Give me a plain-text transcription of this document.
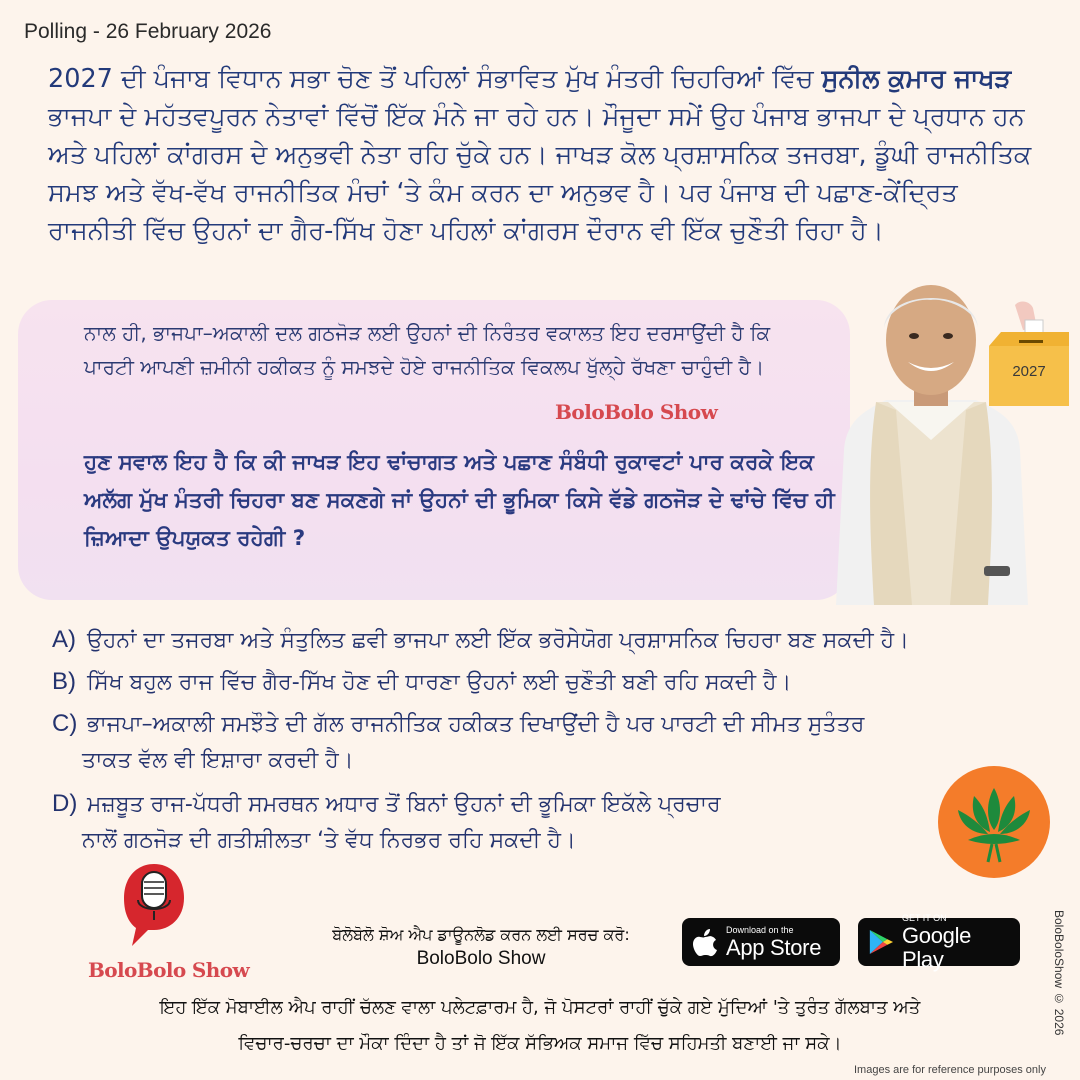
Polling - 26 February 2026
2027 ਦੀ ਪੰਜਾਬ ਵਿਧਾਨ ਸਭਾ ਚੋਣ ਤੋਂ ਪਹਿਲਾਂ ਸੰਭਾਵਿਤ ਮੁੱਖ ਮੰਤਰੀ ਚਿਹਰਿਆਂ ਵਿੱਚ ਸੁਨੀਲ ਕੁਮਾਰ ਜਾਖੜ ਭਾਜਪਾ ਦੇ ਮਹੱਤਵਪੂਰਨ ਨੇਤਾਵਾਂ ਵਿੱਚੋਂ ਇੱਕ ਮੰਨੇ ਜਾ ਰਹੇ ਹਨ। ਮੌਜੂਦਾ ਸਮੇਂ ਉਹ ਪੰਜਾਬ ਭਾਜਪਾ ਦੇ ਪ੍ਰਧਾਨ ਹਨ ਅਤੇ ਪਹਿਲਾਂ ਕਾਂਗਰਸ ਦੇ ਅਨੁਭਵੀ ਨੇਤਾ ਰਹਿ ਚੁੱਕੇ ਹਨ। ਜਾਖੜ ਕੋਲ ਪ੍ਰਸ਼ਾਸਨਿਕ ਤਜਰਬਾ, ਡੂੰਘੀ ਰਾਜਨੀਤਿਕ ਸਮਝ ਅਤੇ ਵੱਖ-ਵੱਖ ਰਾਜਨੀਤਿਕ ਮੰਚਾਂ ‘ਤੇ ਕੰਮ ਕਰਨ ਦਾ ਅਨੁਭਵ ਹੈ। ਪਰ ਪੰਜਾਬ ਦੀ ਪਛਾਣ-ਕੇਂਦ੍ਰਿਤ ਰਾਜਨੀਤੀ ਵਿੱਚ ਉਹਨਾਂ ਦਾ ਗੈਰ-ਸਿੱਖ ਹੋਣਾ ਪਹਿਲਾਂ ਕਾਂਗਰਸ ਦੌਰਾਨ ਵੀ ਇੱਕ ਚੁਣੌਤੀ ਰਿਹਾ ਹੈ।
ਨਾਲ ਹੀ, ਭਾਜਪਾ–ਅਕਾਲੀ ਦਲ ਗਠਜੋੜ ਲਈ ਉਹਨਾਂ ਦੀ ਨਿਰੰਤਰ ਵਕਾਲਤ ਇਹ ਦਰਸਾਉਂਦੀ ਹੈ ਕਿ ਪਾਰਟੀ ਆਪਣੀ ਜ਼ਮੀਨੀ ਹਕੀਕਤ ਨੂੰ ਸਮਝਦੇ ਹੋਏ ਰਾਜਨੀਤਿਕ ਵਿਕਲਪ ਖੁੱਲ੍ਹੇ ਰੱਖਣਾ ਚਾਹੁੰਦੀ ਹੈ।
BoloBolo Show
ਹੁਣ ਸਵਾਲ ਇਹ ਹੈ ਕਿ ਕੀ ਜਾਖੜ ਇਹ ਢਾਂਚਾਗਤ ਅਤੇ ਪਛਾਣ ਸੰਬੰਧੀ ਰੁਕਾਵਟਾਂ ਪਾਰ ਕਰਕੇ ਇਕ ਅਲੱਗ ਮੁੱਖ ਮੰਤਰੀ ਚਿਹਰਾ ਬਣ ਸਕਣਗੇ ਜਾਂ ਉਹਨਾਂ ਦੀ ਭੂਮਿਕਾ ਕਿਸੇ ਵੱਡੇ ਗਠਜੋੜ ਦੇ ਢਾਂਚੇ ਵਿੱਚ ਹੀ ਜ਼ਿਆਦਾ ਉਪਯੁਕਤ ਰਹੇਗੀ ?
2027
A) ਉਹਨਾਂ ਦਾ ਤਜਰਬਾ ਅਤੇ ਸੰਤੁਲਿਤ ਛਵੀ ਭਾਜਪਾ ਲਈ ਇੱਕ ਭਰੋਸੇਯੋਗ ਪ੍ਰਸ਼ਾਸਨਿਕ ਚਿਹਰਾ ਬਣ ਸਕਦੀ ਹੈ।
B) ਸਿੱਖ ਬਹੁਲ ਰਾਜ ਵਿੱਚ ਗੈਰ-ਸਿੱਖ ਹੋਣ ਦੀ ਧਾਰਣਾ ਉਹਨਾਂ ਲਈ ਚੁਣੌਤੀ ਬਣੀ ਰਹਿ ਸਕਦੀ ਹੈ।
C) ਭਾਜਪਾ–ਅਕਾਲੀ ਸਮਝੌਤੇ ਦੀ ਗੱਲ ਰਾਜਨੀਤਿਕ ਹਕੀਕਤ ਦਿਖਾਉਂਦੀ ਹੈ ਪਰ ਪਾਰਟੀ ਦੀ ਸੀਮਤ ਸੁਤੰਤਰ
ਤਾਕਤ ਵੱਲ ਵੀ ਇਸ਼ਾਰਾ ਕਰਦੀ ਹੈ।
D) ਮਜ਼ਬੂਤ ਰਾਜ-ਪੱਧਰੀ ਸਮਰਥਨ ਅਧਾਰ ਤੋਂ ਬਿਨਾਂ ਉਹਨਾਂ ਦੀ ਭੂਮਿਕਾ ਇਕੱਲੇ ਪ੍ਰਚਾਰ
ਨਾਲੋਂ ਗਠਜੋੜ ਦੀ ਗਤੀਸ਼ੀਲਤਾ ‘ਤੇ ਵੱਧ ਨਿਰਭਰ ਰਹਿ ਸਕਦੀ ਹੈ।
BoloBolo Show
ਬੋਲੋਬੋਲੋ ਸ਼ੋਅ ਐਪ ਡਾਊਨਲੋਡ ਕਰਨ ਲਈ ਸਰਚ ਕਰੋ:
BoloBolo Show
Download on the
App Store
GET IT ON
Google Play
ਇਹ ਇੱਕ ਮੋਬਾਈਲ ਐਪ ਰਾਹੀਂ ਚੱਲਣ ਵਾਲਾ ਪਲੇਟਫ਼ਾਰਮ ਹੈ, ਜੋ ਪੋਸਟਰਾਂ ਰਾਹੀਂ ਚੁੱਕੇ ਗਏ ਮੁੱਦਿਆਂ 'ਤੇ ਤੁਰੰਤ ਗੱਲਬਾਤ ਅਤੇ
ਵਿਚਾਰ-ਚਰਚਾ ਦਾ ਮੌਕਾ ਦਿੰਦਾ ਹੈ ਤਾਂ ਜੋ ਇੱਕ ਸੱਭਿਅਕ ਸਮਾਜ ਵਿੱਚ ਸਹਿਮਤੀ ਬਣਾਈ ਜਾ ਸਕੇ।
BoloBoloShow © 2026
Images are for reference purposes only
